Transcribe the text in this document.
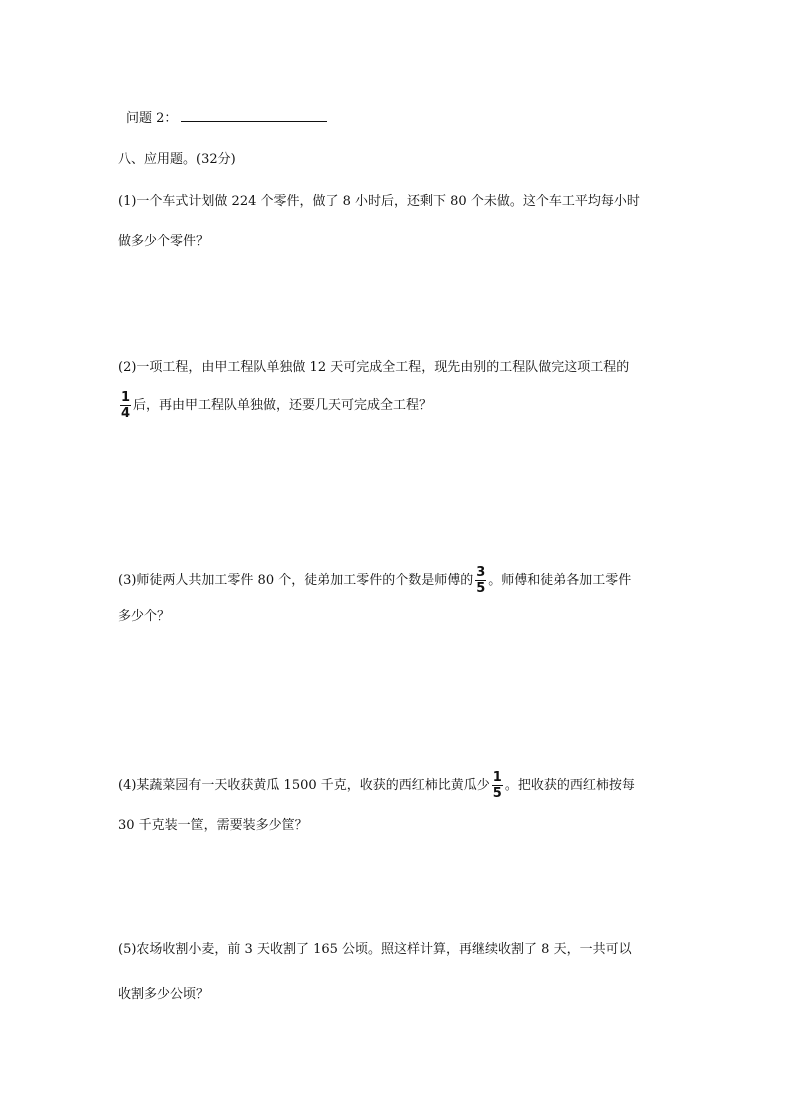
问题 2：
八、应用题。(32分)
(1)一个车式计划做 224 个零件，做了 8 小时后，还剩下 80 个未做。这个车工平均每小时
做多少个零件？
(2)一项工程，由甲工程队单独做 12 天可完成全工程，现先由别的工程队做完这项工程的
$\frac{1}{4}$ 后，再由甲工程队单独做，还要几天可完成全工程？
(3)师徒两人共加工零件 80 个，徒弟加工零件的个数是师傅的 $\frac{3}{5}$ 。师傅和徒弟各加工零件
多少个？
(4)某蔬菜园有一天收获黄瓜 1500 千克，收获的西红柿比黄瓜少 $\frac{1}{5}$ 。把收获的西红柿按每
30 千克装一筐，需要装多少筐？
(5)农场收割小麦，前 3 天收割了 165 公顷。照这样计算，再继续收割了 8 天，一共可以
收割多少公顷？
